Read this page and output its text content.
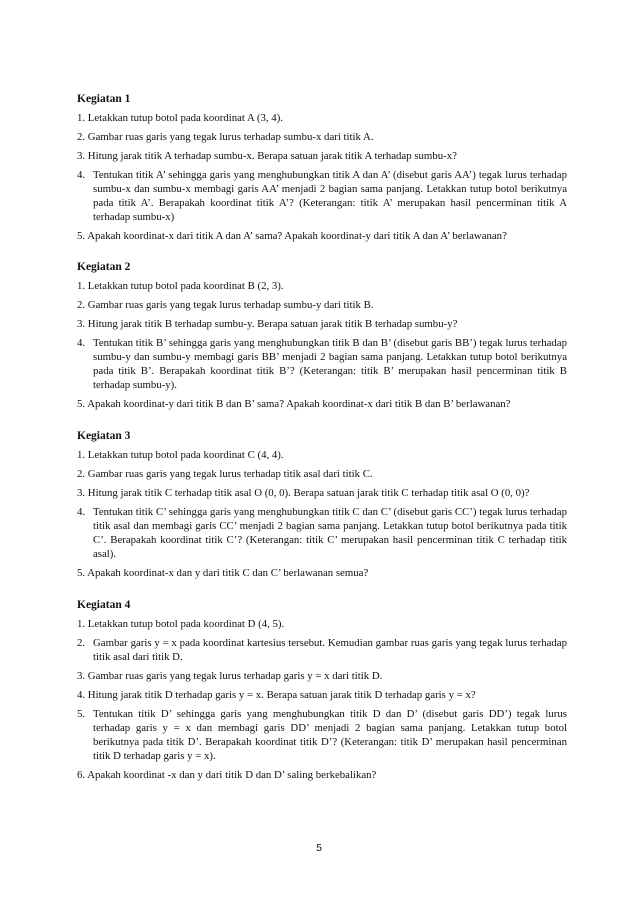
Kegiatan 1
1. Letakkan tutup botol pada koordinat A (3, 4).
2. Gambar ruas garis yang tegak lurus terhadap sumbu-x dari titik A.
3. Hitung jarak titik A terhadap sumbu-x. Berapa satuan jarak titik A terhadap sumbu-x?
4. Tentukan titik A’ sehingga garis yang menghubungkan titik A dan A’ (disebut garis AA’) tegak lurus terhadap sumbu-x dan sumbu-x membagi garis AA’ menjadi 2 bagian sama panjang. Letakkan tutup botol berikutnya pada titik A’. Berapakah koordinat titik A’? (Keterangan: titik A’ merupakan hasil pencerminan titik A terhadap sumbu-x)
5. Apakah koordinat-x dari titik A dan A’ sama? Apakah koordinat-y dari titik A dan A’ berlawanan?
Kegiatan 2
1. Letakkan tutup botol pada koordinat B (2, 3).
2. Gambar ruas garis yang tegak lurus terhadap sumbu-y dari titik B.
3. Hitung jarak titik B terhadap sumbu-y. Berapa satuan jarak titik B terhadap sumbu-y?
4. Tentukan titik B’ sehingga garis yang menghubungkan titik B dan B’ (disebut garis BB’) tegak lurus terhadap sumbu-y dan sumbu-y membagi garis BB’ menjadi 2 bagian sama panjang. Letakkan tutup botol berikutnya pada titik B’. Berapakah koordinat titik B’? (Keterangan: titik B’ merupakan hasil pencerminan titik B terhadap sumbu-y).
5. Apakah koordinat-y dari titik B dan B’ sama? Apakah koordinat-x dari titik B dan B’ berlawanan?
Kegiatan 3
1. Letakkan tutup botol pada koordinat C (4, 4).
2. Gambar ruas garis yang tegak lurus terhadap titik asal dari titik C.
3. Hitung jarak titik C terhadap titik asal O (0, 0). Berapa satuan jarak titik C terhadap titik asal O (0, 0)?
4. Tentukan titik C’ sehingga garis yang menghubungkan titik C dan C’ (disebut garis CC’) tegak lurus terhadap titik asal dan membagi garis CC’ menjadi 2 bagian sama panjang. Letakkan tutup botol berikutnya pada titik C’. Berapakah koordinat titik C’? (Keterangan: titik C’ merupakan hasil pencerminan titik C terhadap titik asal).
5. Apakah koordinat-x dan y dari titik C dan C’ berlawanan semua?
Kegiatan 4
1. Letakkan tutup botol pada koordinat D (4, 5).
2. Gambar garis y = x pada koordinat kartesius tersebut. Kemudian gambar ruas garis yang tegak lurus terhadap titik asal dari titik D.
3. Gambar ruas garis yang tegak lurus terhadap garis y = x dari titik D.
4. Hitung jarak titik D terhadap garis y = x. Berapa satuan jarak titik D terhadap garis y = x?
5. Tentukan titik D’ sehingga garis yang menghubungkan titik D dan D’ (disebut garis DD’) tegak lurus terhadap garis y = x dan membagi garis DD’ menjadi 2 bagian sama panjang. Letakkan tutup botol berikutnya pada titik D’. Berapakah koordinat titik D’? (Keterangan: titik D’ merupakan hasil pencerminan titik D terhadap garis y = x).
6. Apakah koordinat -x dan y dari titik D dan D’ saling berkebalikan?
5
